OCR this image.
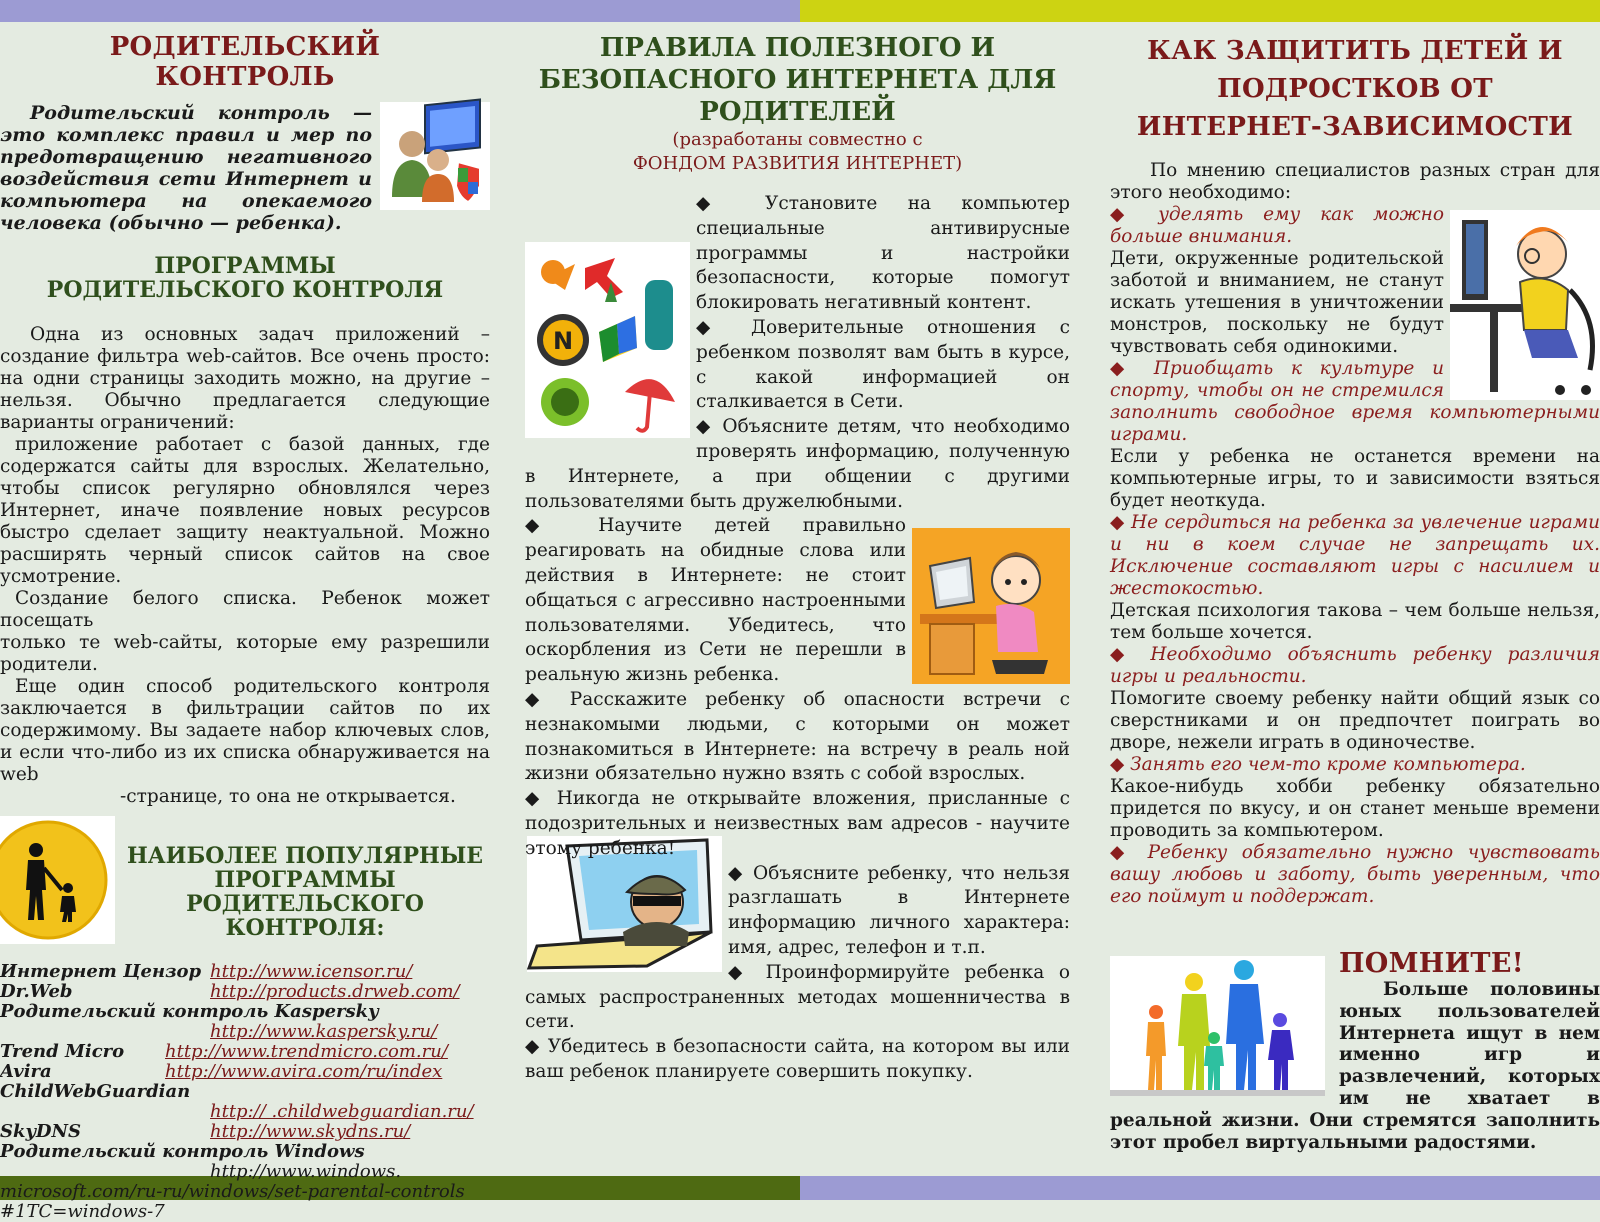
РОДИТЕЛЬСКИЙ КОНТРОЛЬ

Родительский контроль — это комплекс правил и мер по предотвращению негативного воздействия сети Интернет и компьютера на опекаемого человека (обычно — ребенка).

ПРОГРАММЫ
РОДИТЕЛЬСКОГО КОНТРОЛЯ

Одна из основных задач приложений – создание фильтра web-сайтов. Все очень просто: на одни страницы заходить можно, на другие – нельзя. Обычно предлагается следующие варианты ограничений:

приложение работает с базой данных, где содержатся сайты для взрослых. Желательно, чтобы список регулярно обновлялся через Интернет, иначе появление новых ресурсов быстро сделает защиту неактуальной. Можно расширять черный список сайтов на свое усмотрение.

Создание белого списка. Ребенок может посещать

только те web-сайты, которые ему разрешили родители.

Еще один способ родительского контроля заключается в фильтрации сайтов по их содержимому. Вы задаете набор ключевых слов, и если что-либо из их списка обнаруживается на web

-странице, то она не открывается.

НАИБОЛЕЕ ПОПУЛЯРНЫЕ ПРОГРАММЫ РОДИТЕЛЬСКОГО КОНТРОЛЯ:
Интернет Цензор http://www.icensor.ru/
Dr.Web	http://products.drweb.com/
Родительский контроль Kaspersky
http://www.kaspersky.ru/
Trend Micro http://www.trendmicro.com.ru/
Avira	http://www.avira.com/ru/index
ChildWebGuardian
http:// .childwebguardian.ru/
SkyDNS	http://www.skydns.ru/
Родительский контроль Windows
http://www.windows.
microsoft.com/ru-ru/windows/set-parental-controls
#1TC=windows-7
ПРАВИЛА ПОЛЕЗНОГО И БЕЗОПАСНОГО ИНТЕРНЕТА ДЛЯ РОДИТЕЛЕЙ

(разработаны совместно с

ФОНДОМ РАЗВИТИЯ ИНТЕРНЕТ)

eset
N

◆ Установите на компьютер специальные антивирусные программы и настройки безопасности, которые помогут блокировать негативный контент.

◆ Доверительные отношения с ребенком позволят вам быть в курсе, с какой информацией он сталкивается в Сети.

◆ Объясните детям, что необходимо проверять информацию, полученную в Интернете, а при общении с другими пользователями быть дружелюбными.

◆ Научите детей правильно реагировать на обидные слова или действия в Интернете: не стоит общаться с агрессивно настроенными пользователями. Убедитесь, что оскорбления из Сети не перешли в реальную жизнь ребенка.

◆ Расскажите ребенку об опасности встречи с незнакомыми людьми, с которыми он может познакомиться в Интернете: на встречу в реаль ной жизни обязательно нужно взять с собой взрослых.

◆ Никогда не открывайте вложения, присланные с подозрительных и неизвестных вам адресов - научите этому ребенка!

◆ Объясните ребенку, что нельзя разглашать в Интернете информацию личного характера: имя, адрес, телефон и т.п.

◆ Проинформируйте ребенка о самых распространенных методах мошенничества в сети.

◆ Убедитесь в безопасности сайта, на котором вы или ваш ребенок планируете совершить покупку.

КАК ЗАЩИТИТЬ ДЕТЕЙ И ПОДРОСТКОВ ОТ ИНТЕРНЕТ-ЗАВИСИМОСТИ

По мнению специалистов разных стран для этого необходимо:

◆ уделять ему как можно больше внимания.

Дети, окруженные родительской заботой и вниманием, не станут искать утешения в уничтожении монстров, поскольку не будут чувствовать себя одинокими.

◆ Приобщать к культуре и спорту, чтобы он не стремился заполнить свободное время компьютерными играми.

Если у ребенка не останется времени на компьютерные игры, то и зависимости взяться будет неоткуда.

◆ Не сердиться на ребенка за увлечение играми и ни в коем случае не запрещать их. Исключение составляют игры с насилием и жестокостью.

Детская психология такова – чем больше нельзя, тем больше хочется.

◆ Необходимо объяснить ребенку различия игры и реальности.

Помогите своему ребенку найти общий язык со сверстниками и он предпочтет поиграть во дворе, нежели играть в одиночестве.

◆ Занять его чем-то кроме компьютера.

Какое-нибудь хобби ребенку обязательно придется по вкусу, и он станет меньше времени проводить за компьютером.

◆ Ребенку обязательно нужно чувствовать вашу любовь и заботу, быть уверенным, что его поймут и поддержат.

ПОМНИТЕ!

Больше половины юных пользователей Интернета ищут в нем именно игр и развлечений, которых им не хватает в реальной жизни. Они стремятся заполнить этот пробел виртуальными радостями.
